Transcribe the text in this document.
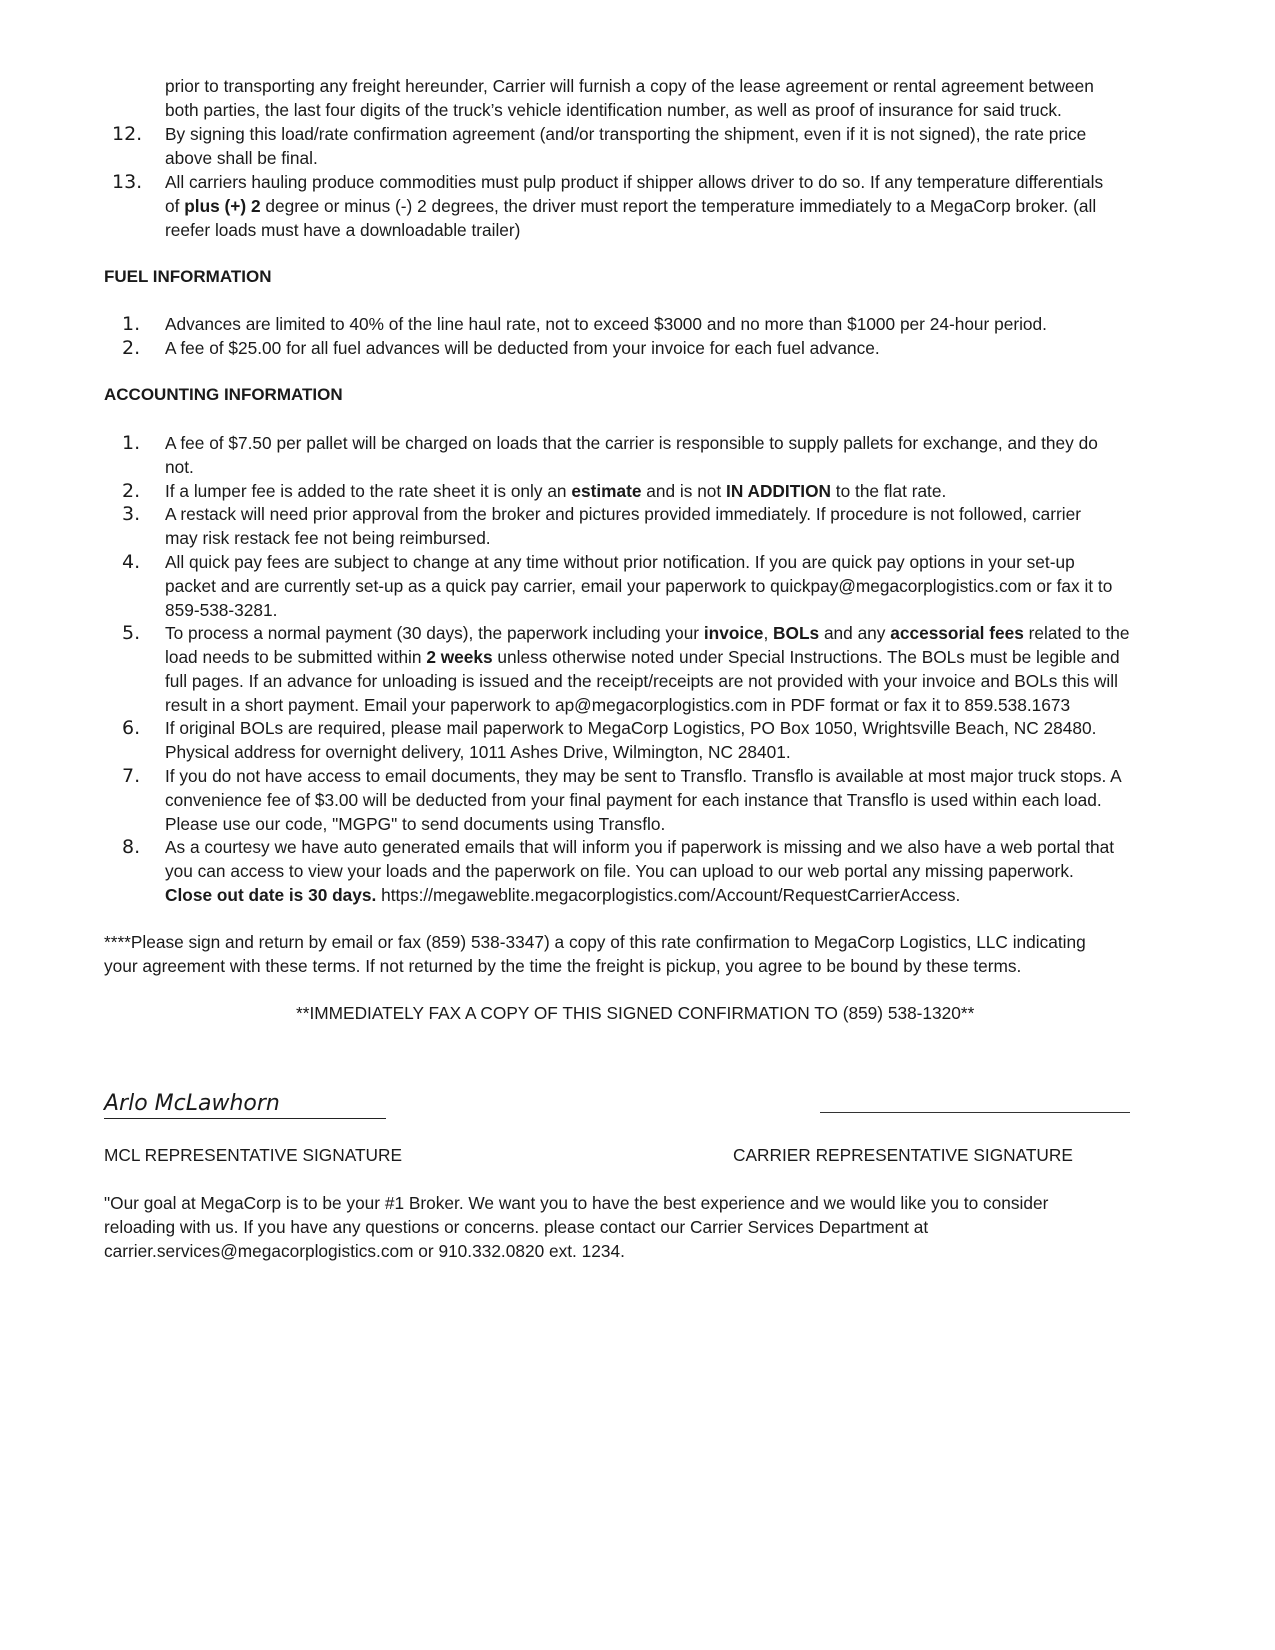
prior to transporting any freight hereunder, Carrier will furnish a copy of the lease agreement or rental agreement between
both parties, the last four digits of the truck’s vehicle identification number, as well as proof of insurance for said truck.
12. By signing this load/rate confirmation agreement (and/or transporting the shipment, even if it is not signed), the rate price
above shall be final.
13. All carriers hauling produce commodities must pulp product if shipper allows driver to do so. If any temperature differentials
of plus (+) 2 degree or minus (-) 2 degrees, the driver must report the temperature immediately to a MegaCorp broker. (all
reefer loads must have a downloadable trailer)
FUEL INFORMATION
1. Advances are limited to 40% of the line haul rate, not to exceed $3000 and no more than $1000 per 24-hour period.
2. A fee of $25.00 for all fuel advances will be deducted from your invoice for each fuel advance.
ACCOUNTING INFORMATION
1. A fee of $7.50 per pallet will be charged on loads that the carrier is responsible to supply pallets for exchange, and they do
not.
2. If a lumper fee is added to the rate sheet it is only an estimate and is not IN ADDITION to the flat rate.
3. A restack will need prior approval from the broker and pictures provided immediately. If procedure is not followed, carrier
may risk restack fee not being reimbursed.
4. All quick pay fees are subject to change at any time without prior notification. If you are quick pay options in your set-up
packet and are currently set-up as a quick pay carrier, email your paperwork to quickpay@megacorplogistics.com or fax it to
859-538-3281.
5. To process a normal payment (30 days), the paperwork including your invoice, BOLs and any accessorial fees related to the
load needs to be submitted within 2 weeks unless otherwise noted under Special Instructions. The BOLs must be legible and
full pages. If an advance for unloading is issued and the receipt/receipts are not provided with your invoice and BOLs this will
result in a short payment. Email your paperwork to ap@megacorplogistics.com in PDF format or fax it to 859.538.1673
6. If original BOLs are required, please mail paperwork to MegaCorp Logistics, PO Box 1050, Wrightsville Beach, NC 28480.
Physical address for overnight delivery, 1011 Ashes Drive, Wilmington, NC 28401.
7. If you do not have access to email documents, they may be sent to Transflo. Transflo is available at most major truck stops. A
convenience fee of $3.00 will be deducted from your final payment for each instance that Transflo is used within each load.
Please use our code, "MGPG" to send documents using Transflo.
8. As a courtesy we have auto generated emails that will inform you if paperwork is missing and we also have a web portal that
you can access to view your loads and the paperwork on file. You can upload to our web portal any missing paperwork.
Close out date is 30 days. https://megaweblite.megacorplogistics.com/Account/RequestCarrierAccess.
****Please sign and return by email or fax (859) 538-3347) a copy of this rate confirmation to MegaCorp Logistics, LLC indicating
your agreement with these terms. If not returned by the time the freight is pickup, you agree to be bound by these terms.
**IMMEDIATELY FAX A COPY OF THIS SIGNED CONFIRMATION TO (859) 538-1320**
Arlo McLawhorn
MCL REPRESENTATIVE SIGNATURE	CARRIER REPRESENTATIVE SIGNATURE
"Our goal at MegaCorp is to be your #1 Broker. We want you to have the best experience and we would like you to consider
reloading with us. If you have any questions or concerns. please contact our Carrier Services Department at
carrier.services@megacorplogistics.com or 910.332.0820 ext. 1234.
